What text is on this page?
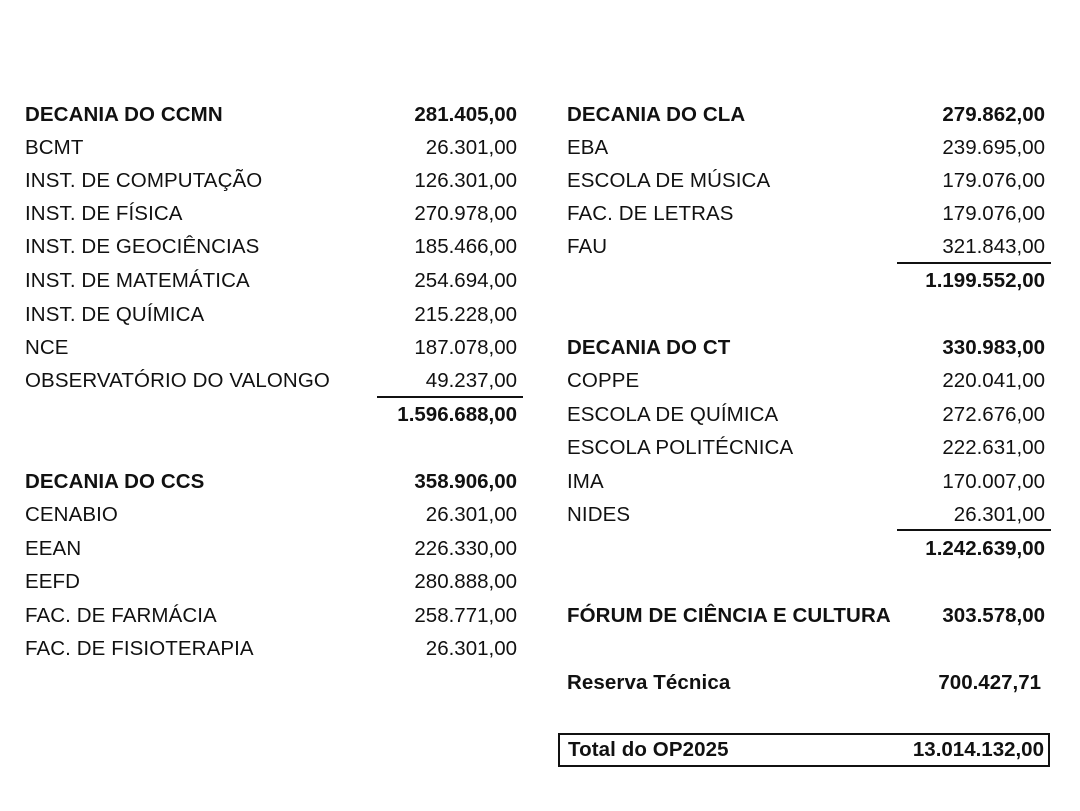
DECANIA DO CCMN	281.405,00
BCMT	26.301,00
INST. DE COMPUTAÇÃO	126.301,00
INST. DE FÍSICA	270.978,00
INST. DE GEOCIÊNCIAS	185.466,00
INST. DE MATEMÁTICA	254.694,00
INST. DE QUÍMICA	215.228,00
NCE	187.078,00
OBSERVATÓRIO DO VALONGO	49.237,00
1.596.688,00
DECANIA DO CCS	358.906,00
CENABIO	26.301,00
EEAN	226.330,00
EEFD	280.888,00
FAC. DE FARMÁCIA	258.771,00
FAC. DE FISIOTERAPIA	26.301,00
DECANIA DO CLA	279.862,00
EBA	239.695,00
ESCOLA DE MÚSICA	179.076,00
FAC. DE LETRAS	179.076,00
FAU	321.843,00
1.199.552,00
DECANIA DO CT	330.983,00
COPPE	220.041,00
ESCOLA DE QUÍMICA	272.676,00
ESCOLA POLITÉCNICA	222.631,00
IMA	170.007,00
NIDES	26.301,00
1.242.639,00
FÓRUM DE CIÊNCIA E CULTURA	303.578,00
Reserva Técnica	700.427,71
Total do OP2025	13.014.132,00
